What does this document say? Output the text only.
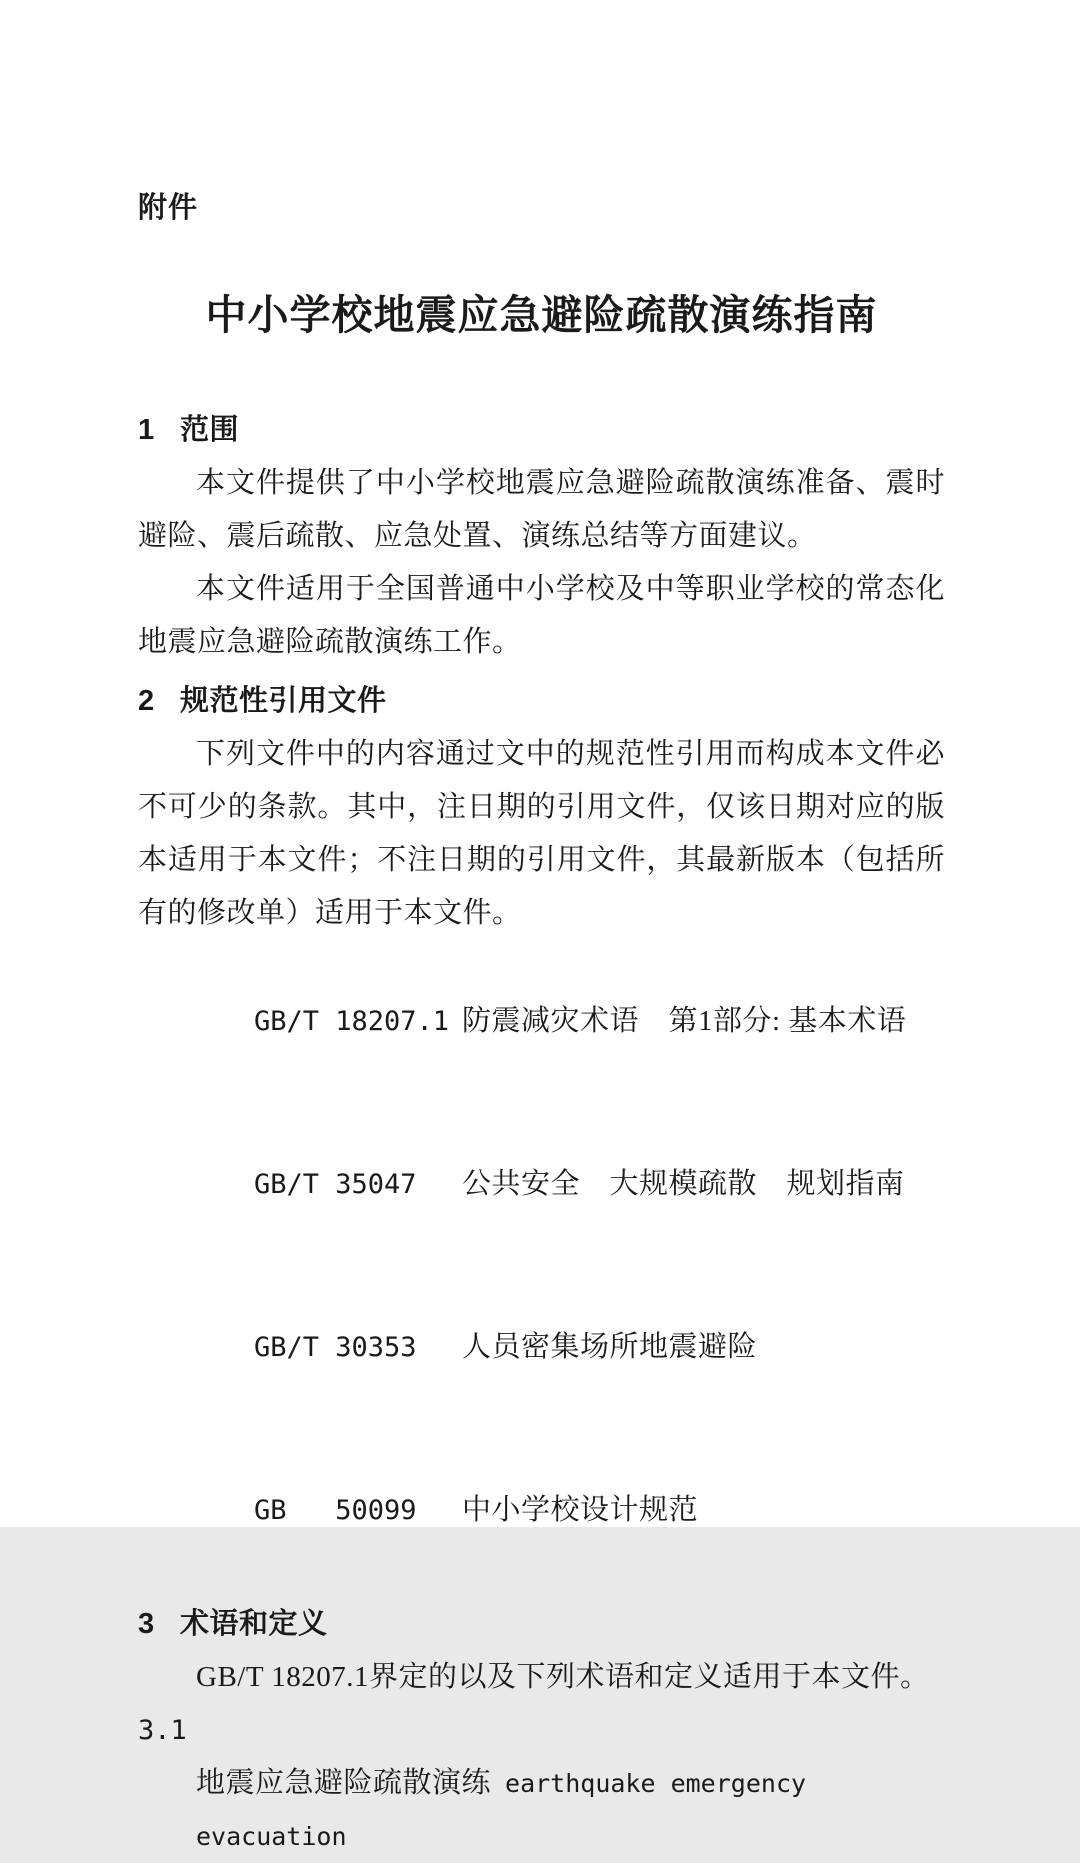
附件
中小学校地震应急避险疏散演练指南
1 范围

本文件提供了中小学校地震应急避险疏散演练准备、震时避险、震后疏散、应急处置、演练总结等方面建议。

本文件适用于全国普通中小学校及中等职业学校的常态化地震应急避险疏散演练工作。

2 规范性引用文件

下列文件中的内容通过文中的规范性引用而构成本文件必不可少的条款。其中，注日期的引用文件，仅该日期对应的版本适用于本文件；不注日期的引用文件，其最新版本（包括所有的修改单）适用于本文件。

GB/T 18207.1 防震减灾术语　第1部分: 基本术语

GB/T 35047 公共安全　大规模疏散　规划指南

GB/T 30353 人员密集场所地震避险

GB   50099 中小学校设计规范

3 术语和定义

GB/T 18207.1界定的以及下列术语和定义适用于本文件。

3.1

地震应急避险疏散演练 earthquake emergency evacuation
